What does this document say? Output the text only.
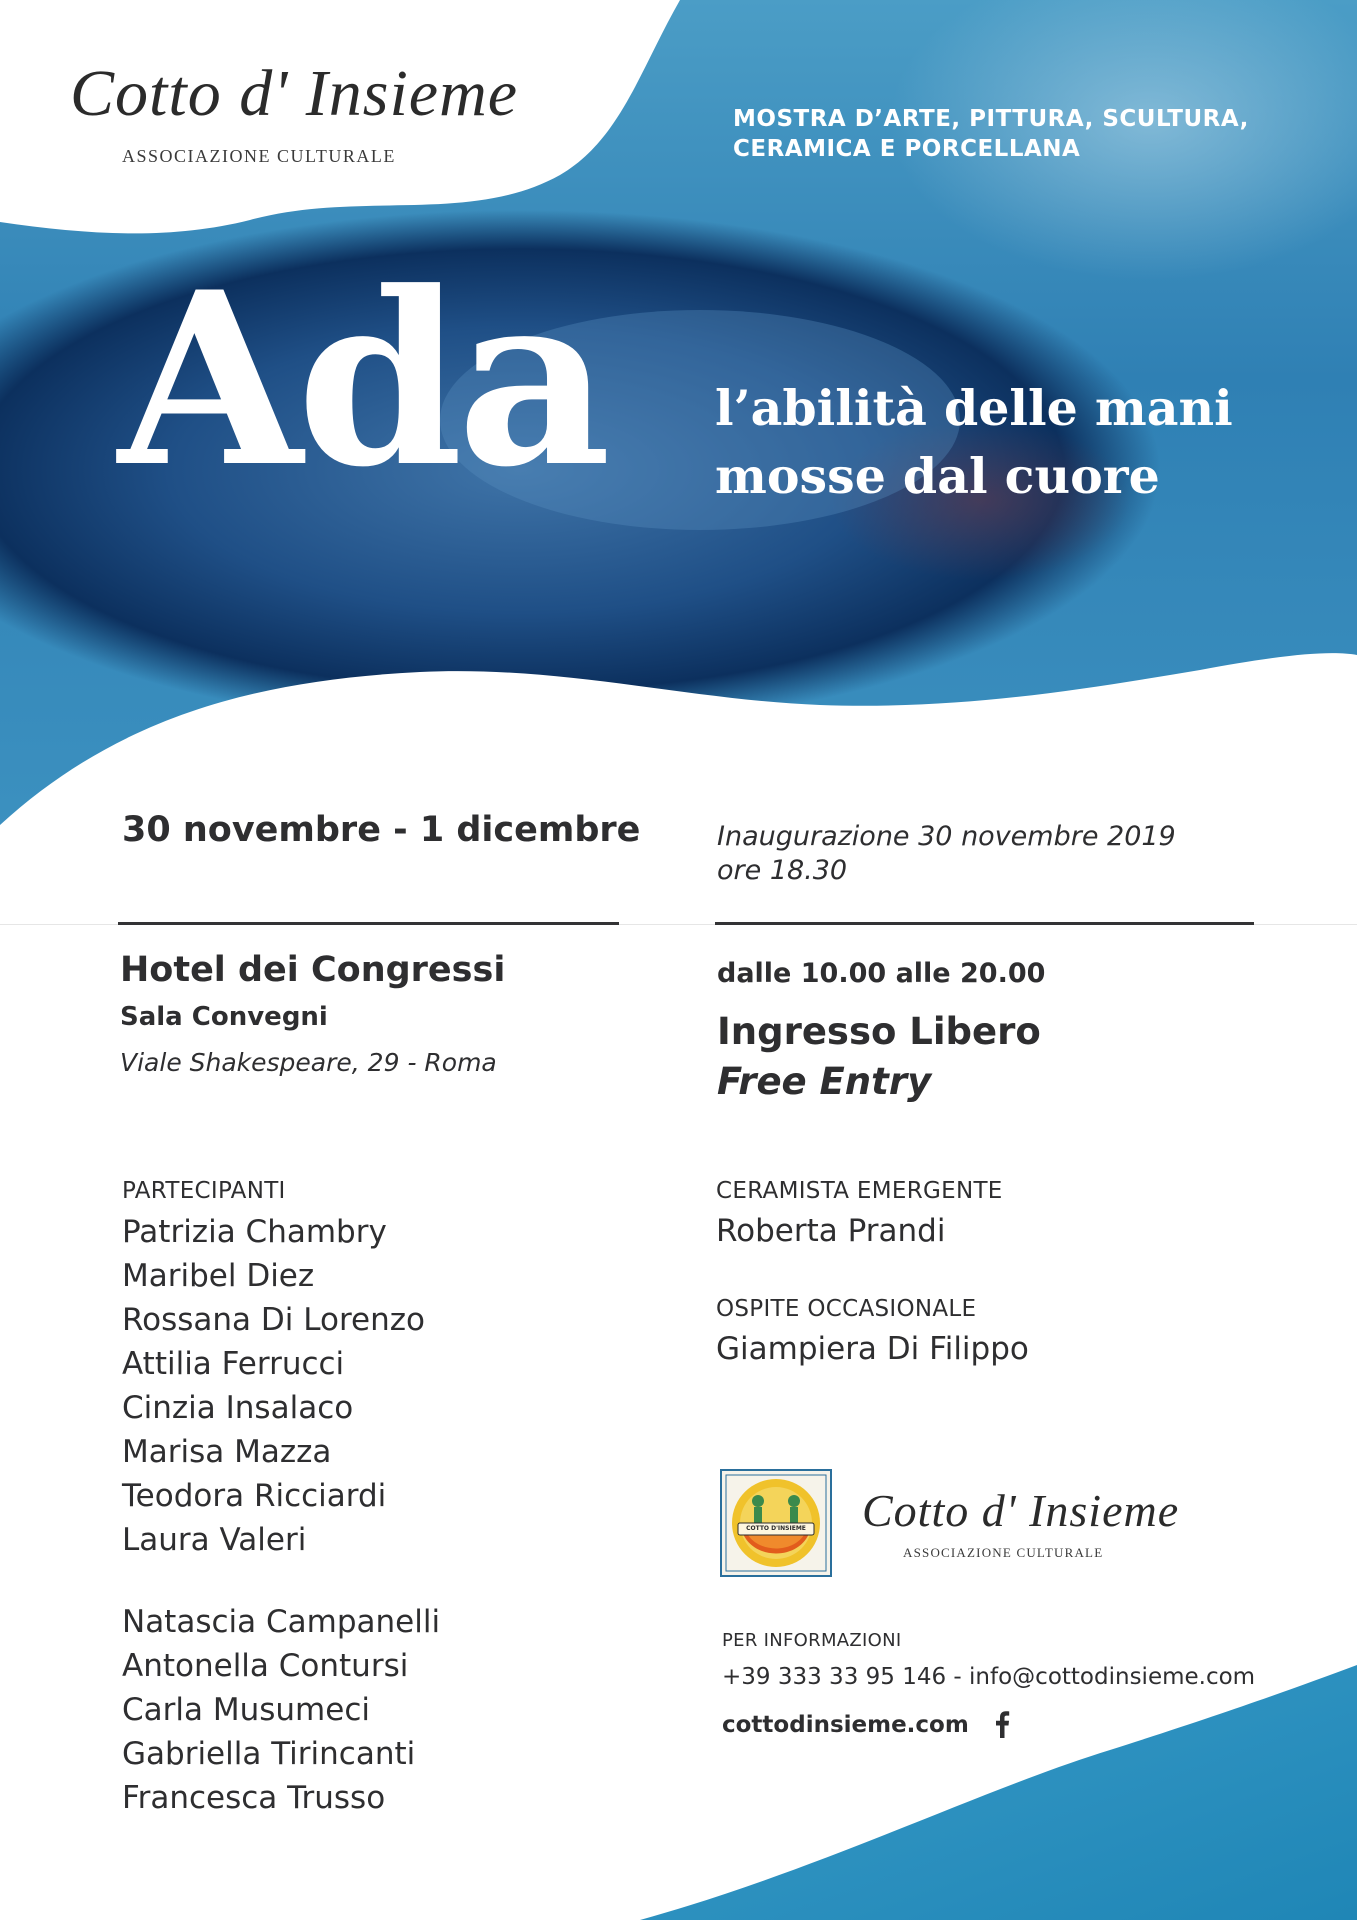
Cotto d' Insieme
ASSOCIAZIONE CULTURALE
MOSTRA D’ARTE, PITTURA, SCULTURA,
CERAMICA E PORCELLANA
Ada l’abilità delle mani
mosse dal cuore
30 novembre - 1 dicembre	Inaugurazione 30 novembre 2019
ore 18.30
Hotel dei Congressi
Sala Convegni
Viale Shakespeare, 29 - Roma
dalle 10.00 alle 20.00
Ingresso Libero
Free Entry
PARTECIPANTI
Patrizia Chambry
Maribel Diez
Rossana Di Lorenzo
Attilia Ferrucci
Cinzia Insalaco
Marisa Mazza
Teodora Ricciardi
Laura Valeri
Natascia Campanelli
Antonella Contursi
Carla Musumeci
Gabriella Tirincanti
Francesca Trusso
CERAMISTA EMERGENTE
Roberta Prandi
OSPITE OCCASIONALE
Giampiera Di Filippo
COTTO D'INSIEME Cotto d' Insieme
ASSOCIAZIONE CULTURALE
PER INFORMAZIONI
+39 333 33 95 146 - info@cottodinsieme.com
cottodinsieme.com
